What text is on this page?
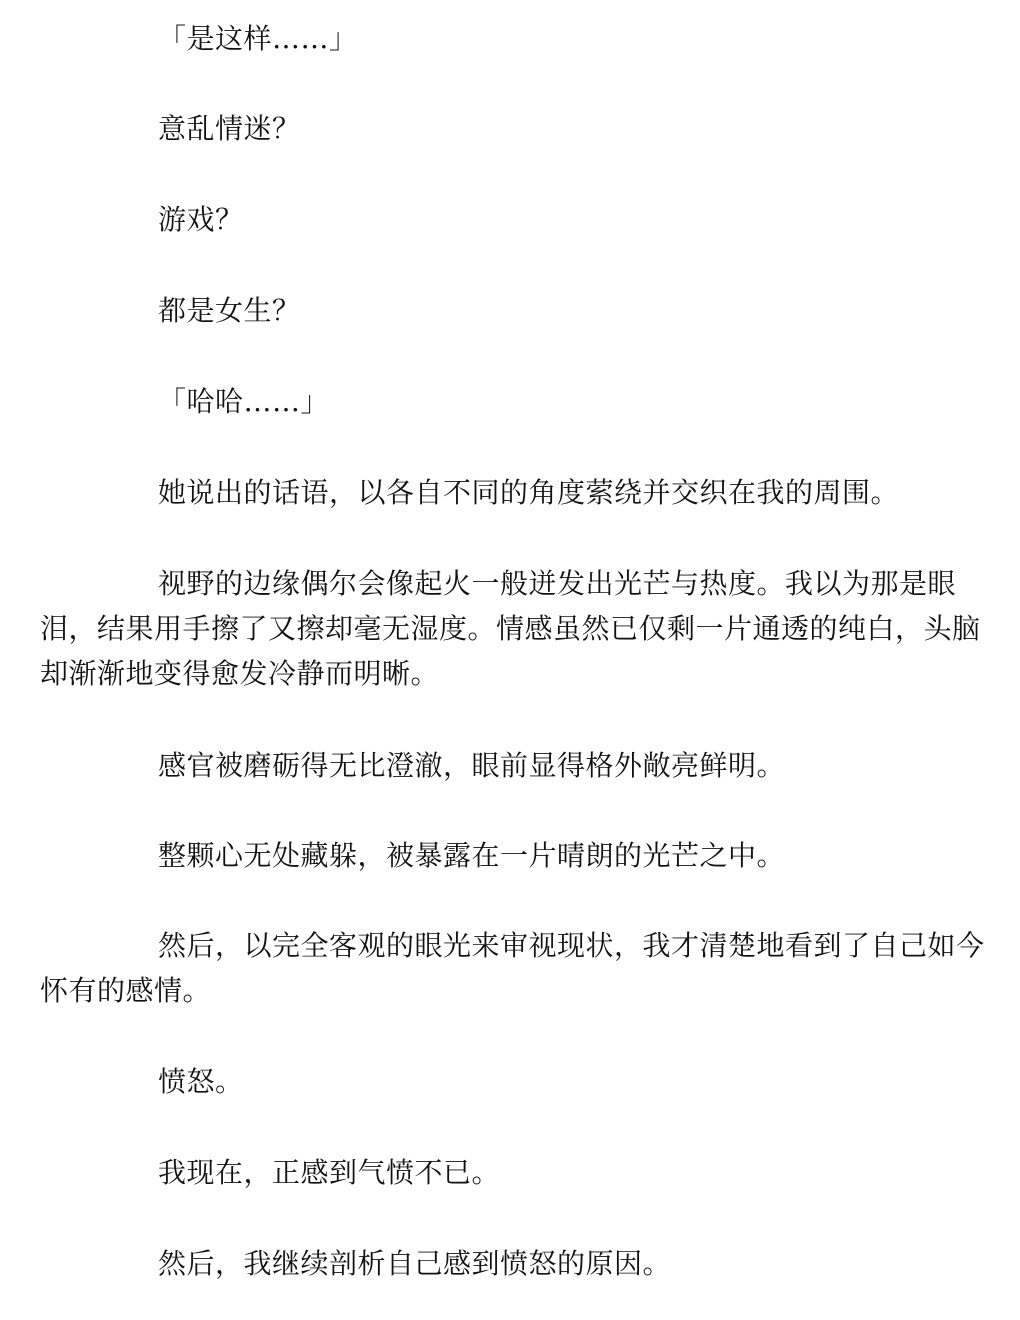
「是这样……」

意乱情迷？

游戏？

都是女生？

「哈哈……」

她说出的话语，以各自不同的角度萦绕并交织在我的周围。

视野的边缘偶尔会像起火一般迸发出光芒与热度。我以为那是眼泪，结果用手擦了又擦却毫无湿度。情感虽然已仅剩一片通透的纯白，头脑却渐渐地变得愈发冷静而明晰。

感官被磨砺得无比澄澈，眼前显得格外敞亮鲜明。

整颗心无处藏躲，被暴露在一片晴朗的光芒之中。

然后，以完全客观的眼光来审视现状，我才清楚地看到了自己如今怀有的感情。

愤怒。

我现在，正感到气愤不已。

然后，我继续剖析自己感到愤怒的原因。
